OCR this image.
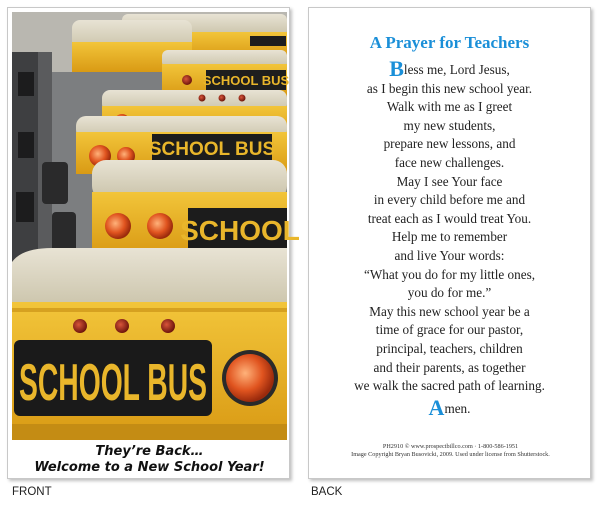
SCHOOL BUS
SCHOOL BUS
SCHOOL
SCHOOL BUS
They’re Back…
Welcome to a New School Year!
A Prayer for Teachers
Bless me, Lord Jesus,
as I begin this new school year.
Walk with me as I greet
my new students,
prepare new lessons, and
face new challenges.
May I see Your face
in every child before me and
treat each as I would treat You.
Help me to remember
and live Your words:
“What you do for my little ones,
you do for me.”
May this new school year be a
time of grace for our pastor,
principal, teachers, children
and their parents, as together
we walk the sacred path of learning.
Amen.
PH2910 © www.prospectbillco.com · 1-800-586-1951
Image Copyright Bryan Busovicki, 2009. Used under license from Shutterstock.
FRONT	BACK
